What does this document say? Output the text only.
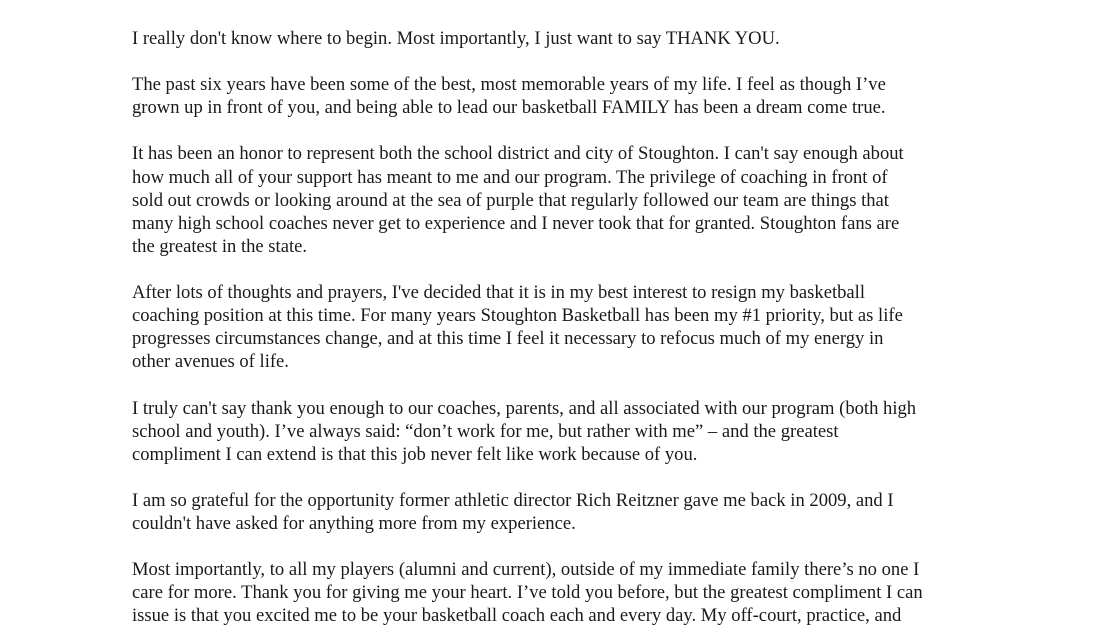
I really don't know where to begin. Most importantly, I just want to say THANK YOU.

The past six years have been some of the best, most memorable years of my life. I feel as though I’ve
grown up in front of you, and being able to lead our basketball FAMILY has been a dream come true.

It has been an honor to represent both the school district and city of Stoughton. I can't say enough about
how much all of your support has meant to me and our program. The privilege of coaching in front of
sold out crowds or looking around at the sea of purple that regularly followed our team are things that
many high school coaches never get to experience and I never took that for granted. Stoughton fans are
the greatest in the state.

After lots of thoughts and prayers, I've decided that it is in my best interest to resign my basketball
coaching position at this time. For many years Stoughton Basketball has been my #1 priority, but as life
progresses circumstances change, and at this time I feel it necessary to refocus much of my energy in
other avenues of life.

I truly can't say thank you enough to our coaches, parents, and all associated with our program (both high
school and youth). I’ve always said: “don’t work for me, but rather with me” – and the greatest
compliment I can extend is that this job never felt like work because of you.

I am so grateful for the opportunity former athletic director Rich Reitzner gave me back in 2009, and I
couldn't have asked for anything more from my experience.

Most importantly, to all my players (alumni and current), outside of my immediate family there’s no one I
care for more. Thank you for giving me your heart. I’ve told you before, but the greatest compliment I can
issue is that you excited me to be your basketball coach each and every day. My off-court, practice, and
